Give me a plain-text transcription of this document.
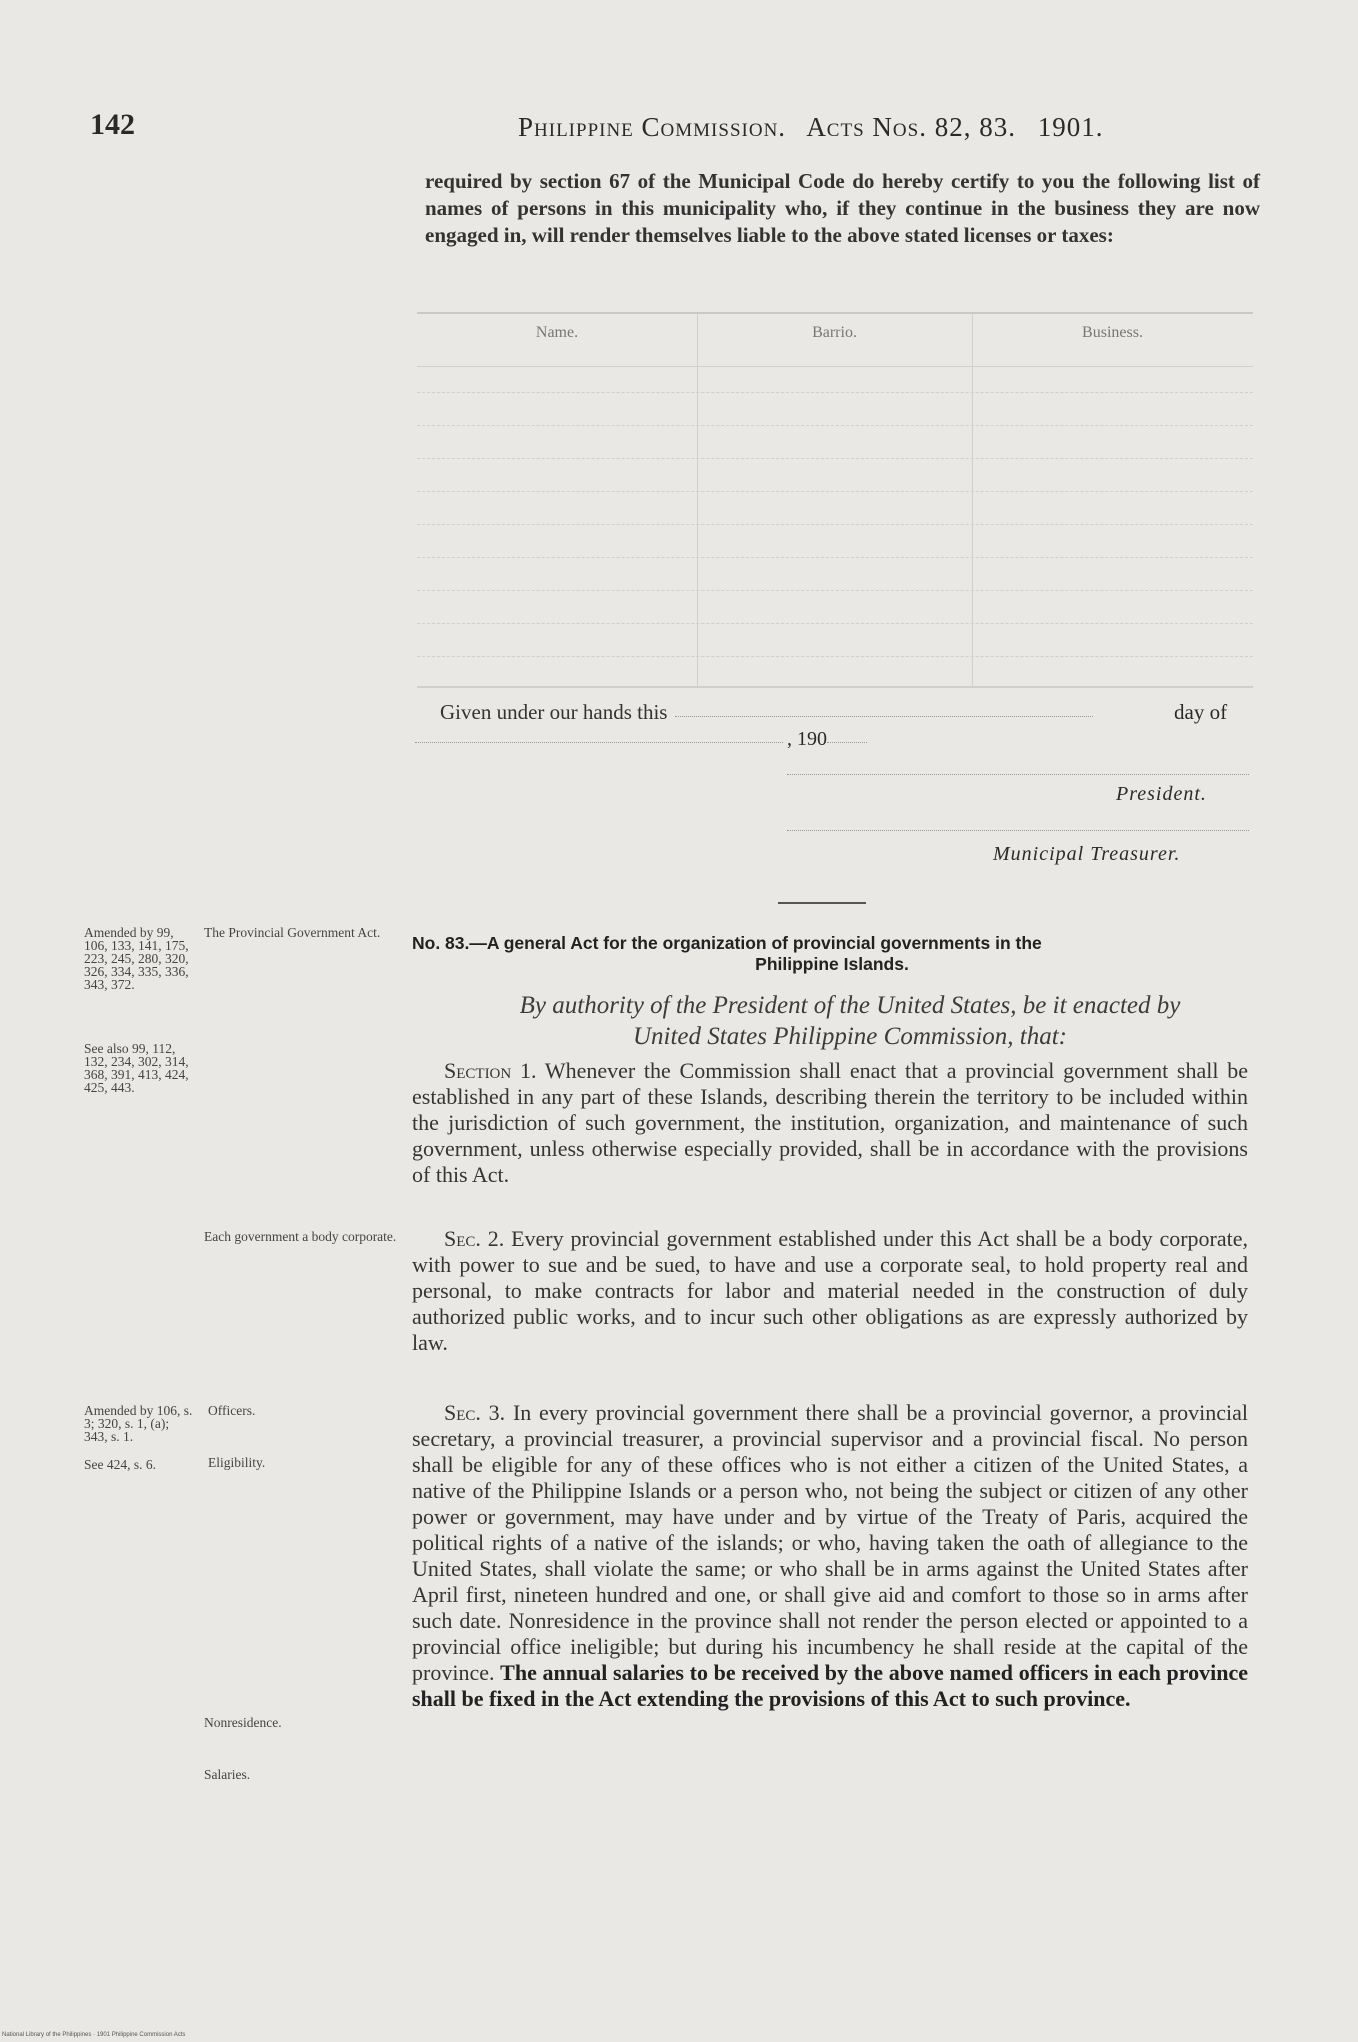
142	Philippine Commission. Acts Nos. 82, 83. 1901.
required by section 67 of the Municipal Code do hereby certify to you the following list of names of persons in this municipality who, if they continue in the business they are now engaged in, will render themselves liable to the above stated licenses or taxes:
Name.	Barrio.	Business.
Given under our hands this	day of
, 190
President.
Municipal Treasurer.
Amended by 99, 106, 133, 141, 175, 223, 245, 280, 320, 326, 334, 335, 336, 343, 372.
See also 99, 112, 132, 234, 302, 314, 368, 391, 413, 424, 425, 443.
The Provincial Government Act.
Each government a body corporate.
Amended by 106, s. 3; 320, s. 1, (a); 343, s. 1.
See 424, s. 6.
Officers.
Eligibility.
Nonresidence.
Salaries.
No. 83.—A general Act for the organization of provincial governments in the
Philippine Islands.
By authority of the President of the United States, be it enacted by
United States Philippine Commission, that:
Section 1. Whenever the Commission shall enact that a provincial government shall be established in any part of these Islands, describing therein the territory to be included within the jurisdiction of such government, the institution, organization, and maintenance of such government, unless otherwise especially provided, shall be in accordance with the provisions of this Act.
Sec. 2. Every provincial government established under this Act shall be a body corporate, with power to sue and be sued, to have and use a corporate seal, to hold property real and personal, to make contracts for labor and material needed in the construction of duly authorized public works, and to incur such other obligations as are expressly authorized by law.
Sec. 3. In every provincial government there shall be a provincial governor, a provincial secretary, a provincial treasurer, a provincial supervisor and a provincial fiscal. No person shall be eligible for any of these offices who is not either a citizen of the United States, a native of the Philippine Islands or a person who, not being the subject or citizen of any other power or government, may have under and by virtue of the Treaty of Paris, acquired the political rights of a native of the islands; or who, having taken the oath of allegiance to the United States, shall violate the same; or who shall be in arms against the United States after April first, nineteen hundred and one, or shall give aid and comfort to those so in arms after such date. Nonresidence in the province shall not render the person elected or appointed to a provincial office ineligible; but during his incumbency he shall reside at the capital of the province. The annual salaries to be received by the above named officers in each province shall be fixed in the Act extending the provisions of this Act to such province.
National Library of the Philippines · 1901 Philippine Commission Acts
